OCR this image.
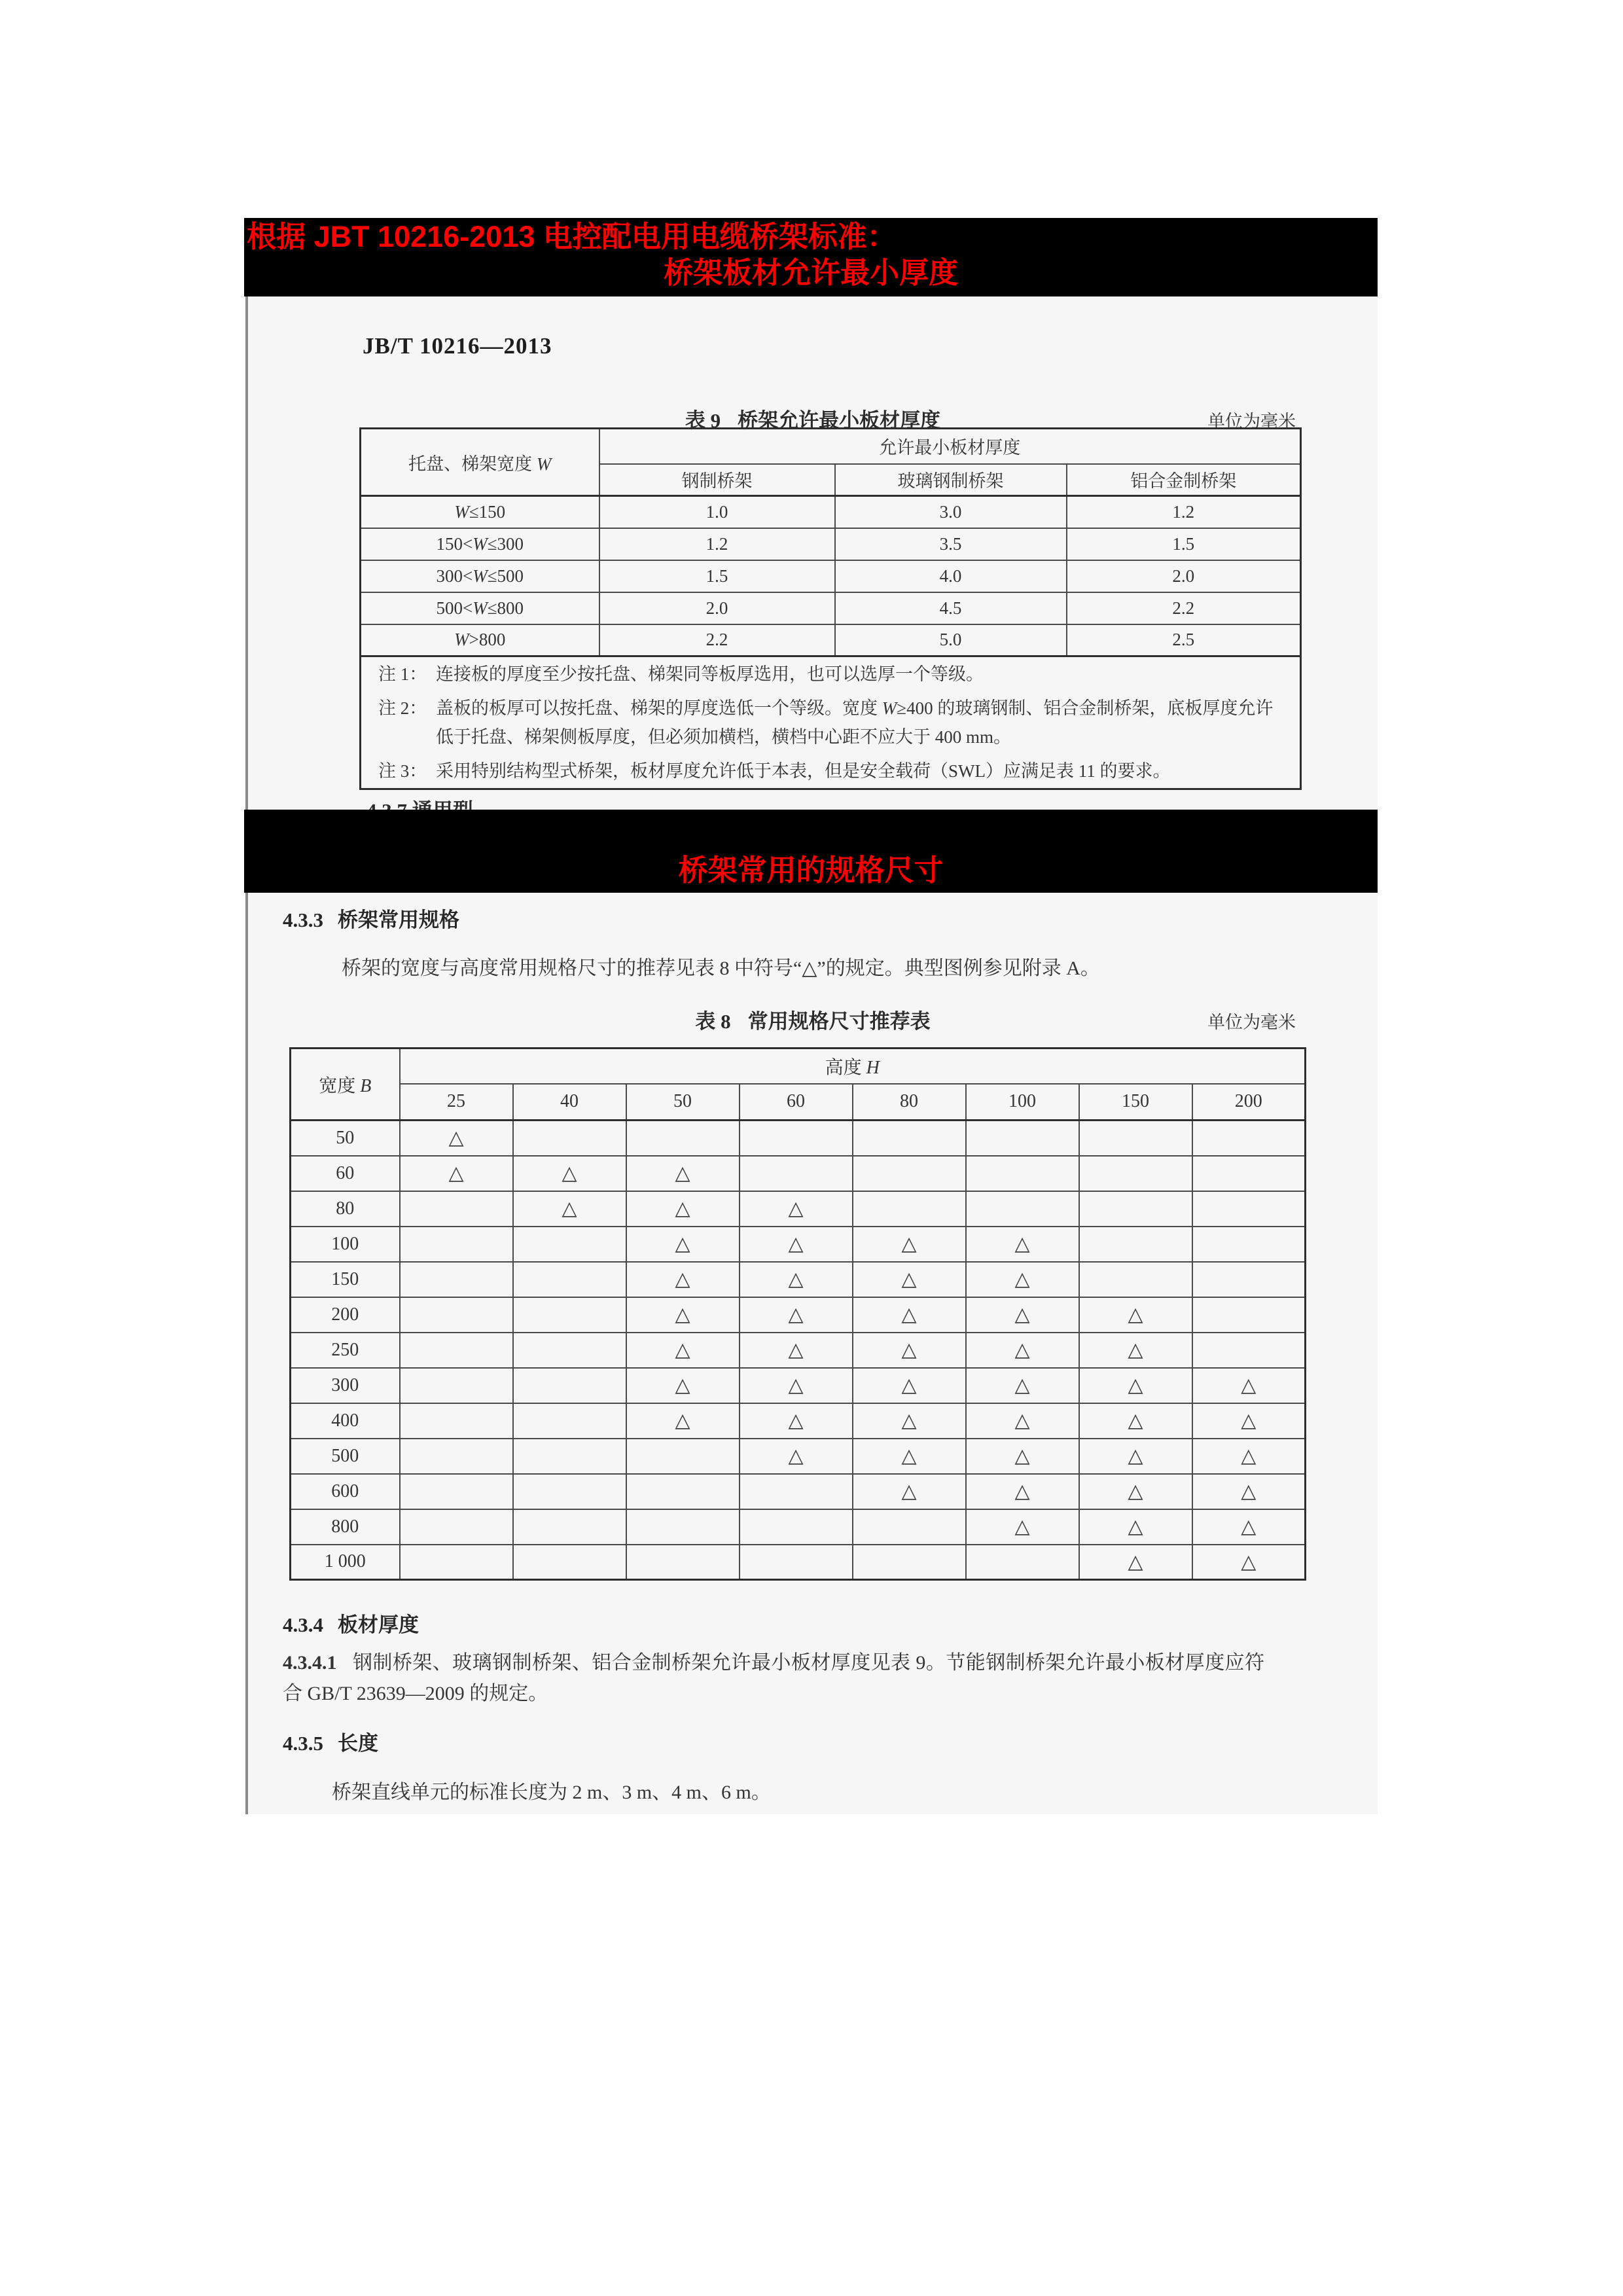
根据 JBT 10216-2013 电控配电用电缆桥架标准：
桥架板材允许最小厚度
桥架常用的规格尺寸
JB/T 10216—2013
表 9 桥架允许最小板材厚度	单位为毫米
托盘、梯架宽度 W	允许最小板材厚度		
	钢制桥架	玻璃钢制桥架	铝合金制桥架
W≤150	1.0	3.0	1.2
150<W≤300	1.2	3.5	1.5
300<W≤500	1.5	4.0	2.0
500<W≤800	2.0	4.5	2.2
W>800	2.2	5.0	2.5

注 1： 连接板的厚度至少按托盘、梯架同等板厚选用，也可以选厚一个等级。			

注 2： 盖板的板厚可以按托盘、梯架的厚度选低一个等级。宽度 W≥400 的玻璃钢制、铝合金制桥架，底板厚度允许低于托盘、梯架侧板厚度，但必须加横档，横档中心距不应大于 400 mm。			

注 3： 采用特别结构型式桥架，板材厚度允许低于本表，但是安全载荷（SWL）应满足表 11 的要求。			
4.3.3 桥架常用规格
桥架的宽度与高度常用规格尺寸的推荐见表 8 中符号“△”的规定。典型图例参见附录 A。
表 8 常用规格尺寸推荐表	单位为毫米
宽度 B	高度 H							
	25	40	50	60	80	100	150	200
50	△							
60	△	△	△					
80		△	△	△				
100			△	△	△	△		
150			△	△	△	△		
200			△	△	△	△	△	
250			△	△	△	△	△	
300			△	△	△	△	△	△
400			△	△	△	△	△	△
500				△	△	△	△	△
600					△	△	△	△
800						△	△	△
1 000							△	△
4.3.4 板材厚度
4.3.4.1 钢制桥架、玻璃钢制桥架、铝合金制桥架允许最小板材厚度见表 9。节能钢制桥架允许最小板材厚度应符合 GB/T 23639—2009 的规定。
4.3.5 长度
桥架直线单元的标准长度为 2 m、3 m、4 m、6 m。
